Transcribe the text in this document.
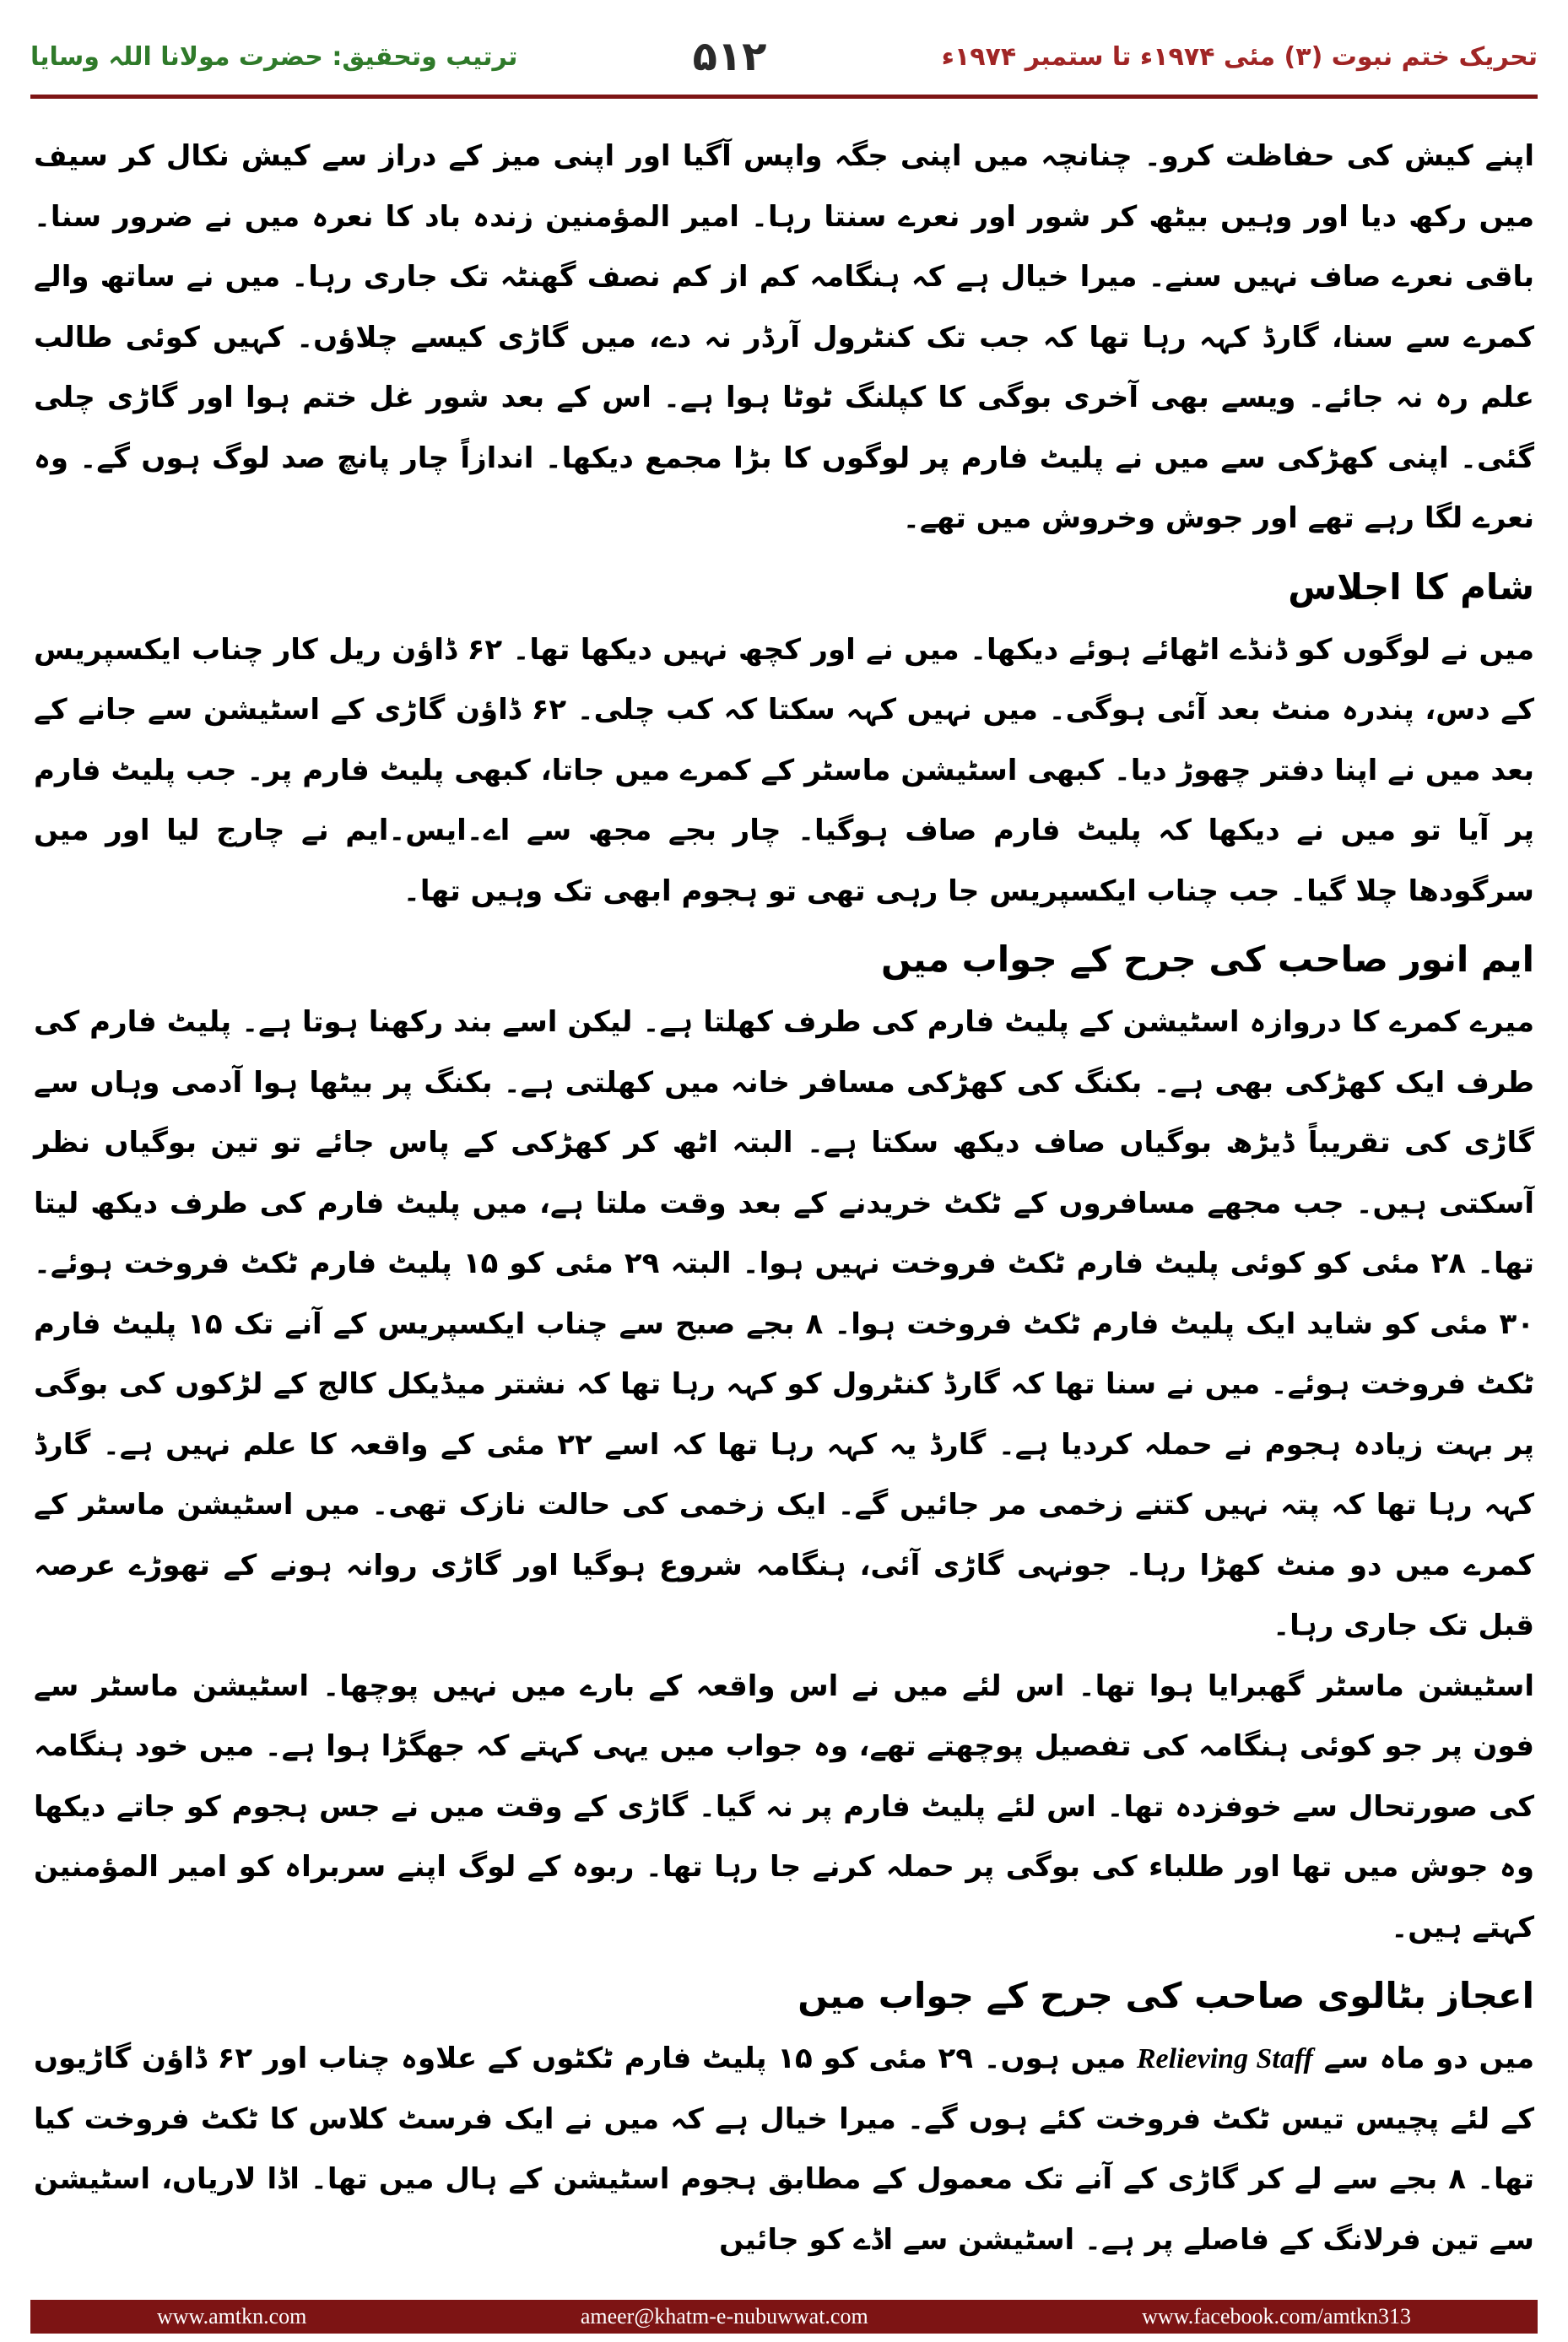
ترتیب وتحقیق: حضرت مولانا اللہ وسایا	۵۱۲	تحریک ختم نبوت (۳) مئی ۱۹۷۴ء تا ستمبر ۱۹۷۴ء

اپنے کیش کی حفاظت کرو۔ چنانچہ میں اپنی جگہ واپس آگیا اور اپنی میز کے دراز سے کیش نکال کر سیف میں رکھ دیا اور وہیں بیٹھ کر شور اور نعرے سنتا رہا۔ امیر المؤمنین زندہ باد کا نعرہ میں نے ضرور سنا۔ باقی نعرے صاف نہیں سنے۔ میرا خیال ہے کہ ہنگامہ کم از کم نصف گھنٹہ تک جاری رہا۔ میں نے ساتھ والے کمرے سے سنا، گارڈ کہہ رہا تھا کہ جب تک کنٹرول آرڈر نہ دے، میں گاڑی کیسے چلاؤں۔ کہیں کوئی طالب علم رہ نہ جائے۔ ویسے بھی آخری بوگی کا کپلنگ ٹوٹا ہوا ہے۔ اس کے بعد شور غل ختم ہوا اور گاڑی چلی گئی۔ اپنی کھڑکی سے میں نے پلیٹ فارم پر لوگوں کا بڑا مجمع دیکھا۔ اندازاً چار پانچ صد لوگ ہوں گے۔ وہ نعرے لگا رہے تھے اور جوش وخروش میں تھے۔

شام کا اجلاس

میں نے لوگوں کو ڈنڈے اٹھائے ہوئے دیکھا۔ میں نے اور کچھ نہیں دیکھا تھا۔ ۶۲ ڈاؤن ریل کار چناب ایکسپریس کے دس، پندرہ منٹ بعد آئی ہوگی۔ میں نہیں کہہ سکتا کہ کب چلی۔ ۶۲ ڈاؤن گاڑی کے اسٹیشن سے جانے کے بعد میں نے اپنا دفتر چھوڑ دیا۔ کبھی اسٹیشن ماسٹر کے کمرے میں جاتا، کبھی پلیٹ فارم پر۔ جب پلیٹ فارم پر آیا تو میں نے دیکھا کہ پلیٹ فارم صاف ہوگیا۔ چار بجے مجھ سے اے۔ایس۔ایم نے چارج لیا اور میں سرگودھا چلا گیا۔ جب چناب ایکسپریس جا رہی تھی تو ہجوم ابھی تک وہیں تھا۔

ایم انور صاحب کی جرح کے جواب میں

میرے کمرے کا دروازہ اسٹیشن کے پلیٹ فارم کی طرف کھلتا ہے۔ لیکن اسے بند رکھنا ہوتا ہے۔ پلیٹ فارم کی طرف ایک کھڑکی بھی ہے۔ بکنگ کی کھڑکی مسافر خانہ میں کھلتی ہے۔ بکنگ پر بیٹھا ہوا آدمی وہاں سے گاڑی کی تقریباً ڈیڑھ بوگیاں صاف دیکھ سکتا ہے۔ البتہ اٹھ کر کھڑکی کے پاس جائے تو تین بوگیاں نظر آسکتی ہیں۔ جب مجھے مسافروں کے ٹکٹ خریدنے کے بعد وقت ملتا ہے، میں پلیٹ فارم کی طرف دیکھ لیتا تھا۔ ۲۸ مئی کو کوئی پلیٹ فارم ٹکٹ فروخت نہیں ہوا۔ البتہ ۲۹ مئی کو ۱۵ پلیٹ فارم ٹکٹ فروخت ہوئے۔ ۳۰ مئی کو شاید ایک پلیٹ فارم ٹکٹ فروخت ہوا۔ ۸ بجے صبح سے چناب ایکسپریس کے آنے تک ۱۵ پلیٹ فارم ٹکٹ فروخت ہوئے۔ میں نے سنا تھا کہ گارڈ کنٹرول کو کہہ رہا تھا کہ نشتر میڈیکل کالج کے لڑکوں کی بوگی پر بہت زیادہ ہجوم نے حملہ کردیا ہے۔ گارڈ یہ کہہ رہا تھا کہ اسے ۲۲ مئی کے واقعہ کا علم نہیں ہے۔ گارڈ کہہ رہا تھا کہ پتہ نہیں کتنے زخمی مر جائیں گے۔ ایک زخمی کی حالت نازک تھی۔ میں اسٹیشن ماسٹر کے کمرے میں دو منٹ کھڑا رہا۔ جونہی گاڑی آئی، ہنگامہ شروع ہوگیا اور گاڑی روانہ ہونے کے تھوڑے عرصہ قبل تک جاری رہا۔

اسٹیشن ماسٹر گھبرایا ہوا تھا۔ اس لئے میں نے اس واقعہ کے بارے میں نہیں پوچھا۔ اسٹیشن ماسٹر سے فون پر جو کوئی ہنگامہ کی تفصیل پوچھتے تھے، وہ جواب میں یہی کہتے کہ جھگڑا ہوا ہے۔ میں خود ہنگامہ کی صورتحال سے خوفزدہ تھا۔ اس لئے پلیٹ فارم پر نہ گیا۔ گاڑی کے وقت میں نے جس ہجوم کو جاتے دیکھا وہ جوش میں تھا اور طلباء کی بوگی پر حملہ کرنے جا رہا تھا۔ ربوہ کے لوگ اپنے سربراہ کو امیر المؤمنین کہتے ہیں۔

اعجاز بٹالوی صاحب کی جرح کے جواب میں

میں دو ماہ سے Relieving Staff میں ہوں۔ ۲۹ مئی کو ۱۵ پلیٹ فارم ٹکٹوں کے علاوہ چناب اور ۶۲ ڈاؤن گاڑیوں کے لئے پچیس تیس ٹکٹ فروخت کئے ہوں گے۔ میرا خیال ہے کہ میں نے ایک فرسٹ کلاس کا ٹکٹ فروخت کیا تھا۔ ۸ بجے سے لے کر گاڑی کے آنے تک معمول کے مطابق ہجوم اسٹیشن کے ہال میں تھا۔ اڈا لاریاں، اسٹیشن سے تین فرلانگ کے فاصلے پر ہے۔ اسٹیشن سے اڈے کو جائیں

www.amtkn.com	ameer@khatm-e-nubuwwat.com	www.facebook.com/amtkn313
